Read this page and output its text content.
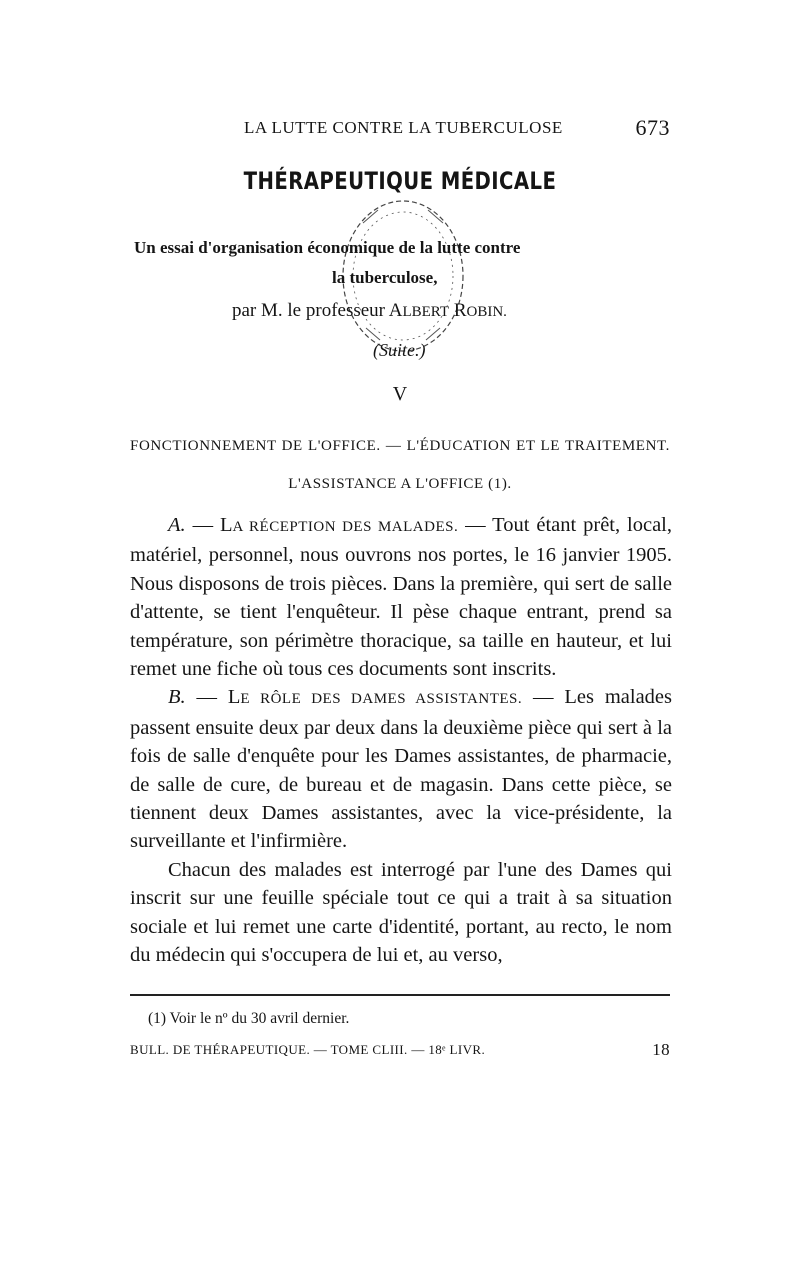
LA LUTTE CONTRE LA TUBERCULOSE	673
THÉRAPEUTIQUE MÉDICALE
Un essai d'organisation économique de la lutte contre
la tuberculose,
par M. le professeur ALBERT ROBIN.
(Suite.)
V
FONCTIONNEMENT DE L'OFFICE. — L'ÉDUCATION ET LE TRAITEMENT.
L'ASSISTANCE A L'OFFICE (1).

A. — LA RÉCEPTION DES MALADES. — Tout étant prêt, local, matériel, personnel, nous ouvrons nos portes, le 16 janvier 1905. Nous disposons de trois pièces. Dans la première, qui sert de salle d'attente, se tient l'enquêteur. Il pèse chaque entrant, prend sa température, son périmètre thoracique, sa taille en hauteur, et lui remet une fiche où tous ces documents sont inscrits.

B. — LE RÔLE DES DAMES ASSISTANTES. — Les malades passent ensuite deux par deux dans la deuxième pièce qui sert à la fois de salle d'enquête pour les Dames assistantes, de pharmacie, de salle de cure, de bureau et de magasin. Dans cette pièce, se tiennent deux Dames assistantes, avec la vice-présidente, la surveillante et l'infirmière.

Chacun des malades est interrogé par l'une des Dames qui inscrit sur une feuille spéciale tout ce qui a trait à sa situation sociale et lui remet une carte d'identité, portant, au recto, le nom du médecin qui s'occupera de lui et, au verso,

(1) Voir le nº du 30 avril dernier.
BULL. DE THÉRAPEUTIQUE. — TOME CLIII. — 18ᵉ LIVR.	18
